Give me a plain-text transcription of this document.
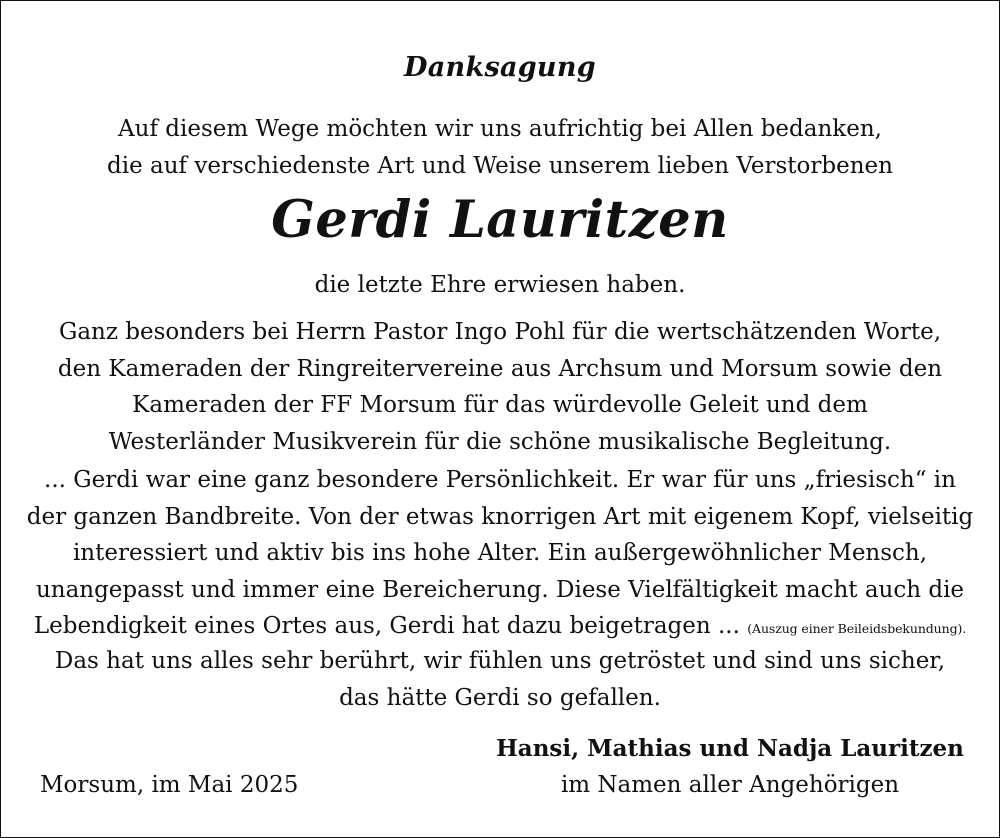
Danksagung
Auf diesem Wege möchten wir uns aufrichtig bei Allen bedanken,
die auf verschiedenste Art und Weise unserem lieben Verstorbenen
Gerdi Lauritzen
die letzte Ehre erwiesen haben.
Ganz besonders bei Herrn Pastor Ingo Pohl für die wertschätzenden Worte,
den Kameraden der Ringreitervereine aus Archsum und Morsum sowie den
Kameraden der FF Morsum für das würdevolle Geleit und dem
Westerländer Musikverein für die schöne musikalische Begleitung.
... Gerdi war eine ganz besondere Persönlichkeit. Er war für uns „friesisch“ in
der ganzen Bandbreite. Von der etwas knorrigen Art mit eigenem Kopf, vielseitig
interessiert und aktiv bis ins hohe Alter. Ein außergewöhnlicher Mensch,
unangepasst und immer eine Bereicherung. Diese Vielfältigkeit macht auch die
Lebendigkeit eines Ortes aus, Gerdi hat dazu beigetragen ... (Auszug einer Beileidsbekundung).
Das hat uns alles sehr berührt, wir fühlen uns getröstet und sind uns sicher,
das hätte Gerdi so gefallen.
Morsum, im Mai 2025
Hansi, Mathias und Nadja Lauritzen
im Namen aller Angehörigen
